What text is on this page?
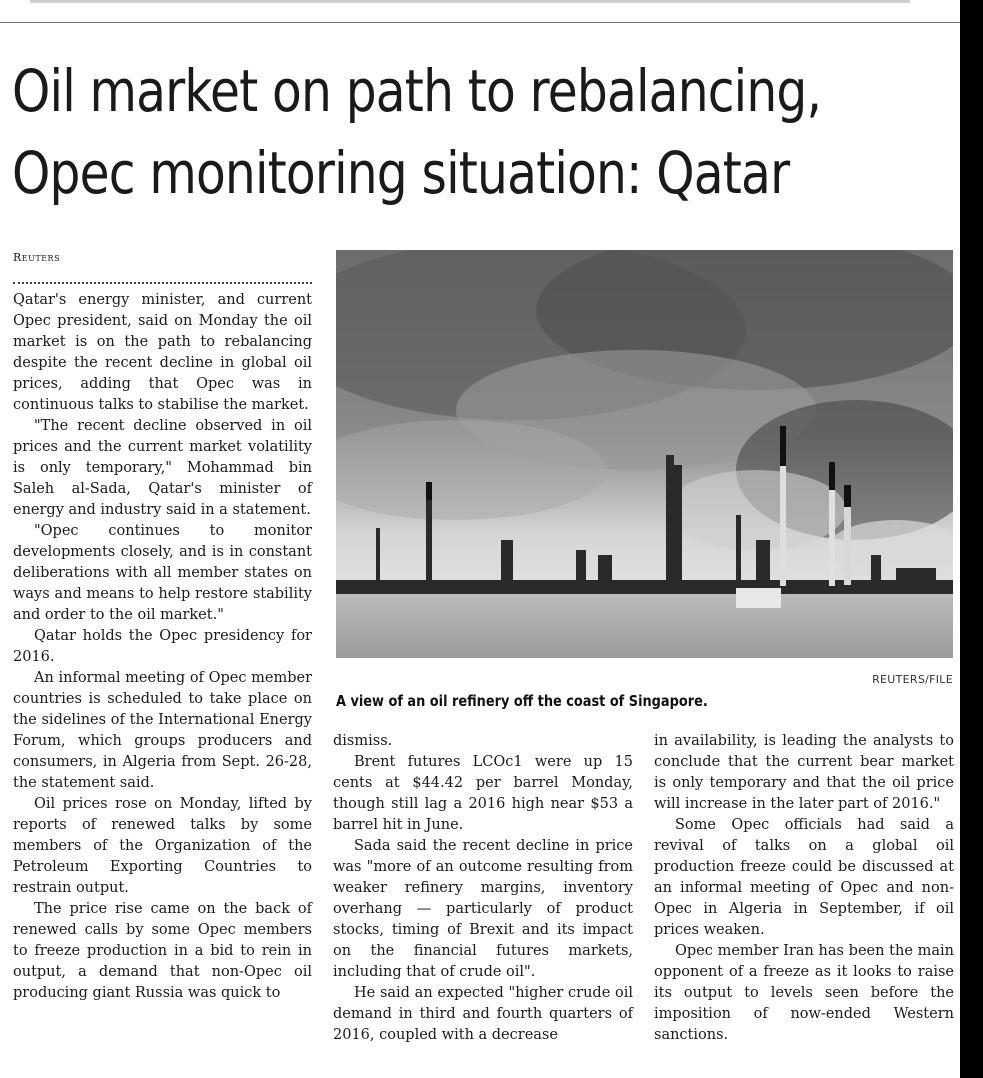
Oil market on path to rebalancing,
Opec monitoring situation: Qatar
Reuters

Qatar's energy minister, and current Opec president, said on Monday the oil market is on the path to rebalancing despite the recent decline in global oil prices, adding that Opec was in continuous talks to stabilise the market.

"The recent decline observed in oil prices and the current market volatility is only temporary," Mohammad bin Saleh al-Sada, Qatar's minister of energy and industry said in a statement.

"Opec continues to monitor developments closely, and is in constant deliberations with all member states on ways and means to help restore stability and order to the oil market."

Qatar holds the Opec presidency for 2016.

An informal meeting of Opec member countries is scheduled to take place on the sidelines of the International Energy Forum, which groups producers and consumers, in Algeria from Sept. 26-28, the statement said.

Oil prices rose on Monday, lifted by reports of renewed talks by some members of the Organization of the Petroleum Exporting Countries to restrain output.

The price rise came on the back of renewed calls by some Opec members to freeze production in a bid to rein in output, a demand that non-Opec oil producing giant Russia was quick to

REUTERS/FILE
A view of an oil refinery off the coast of Singapore.

dismiss.

Brent futures LCOc1 were up 15 cents at $44.42 per barrel Monday, though still lag a 2016 high near $53 a barrel hit in June.

Sada said the recent decline in price was "more of an outcome resulting from weaker refinery margins, inventory overhang — particularly of product stocks, timing of Brexit and its impact on the financial futures markets, including that of crude oil".

He said an expected "higher crude oil demand in third and fourth quarters of 2016, coupled with a decrease

in availability, is leading the analysts to conclude that the current bear market is only temporary and that the oil price will increase in the later part of 2016."

Some Opec officials had said a revival of talks on a global oil production freeze could be discussed at an informal meeting of Opec and non-Opec in Algeria in September, if oil prices weaken.

Opec member Iran has been the main opponent of a freeze as it looks to raise its output to levels seen before the imposition of now-ended Western sanctions.
